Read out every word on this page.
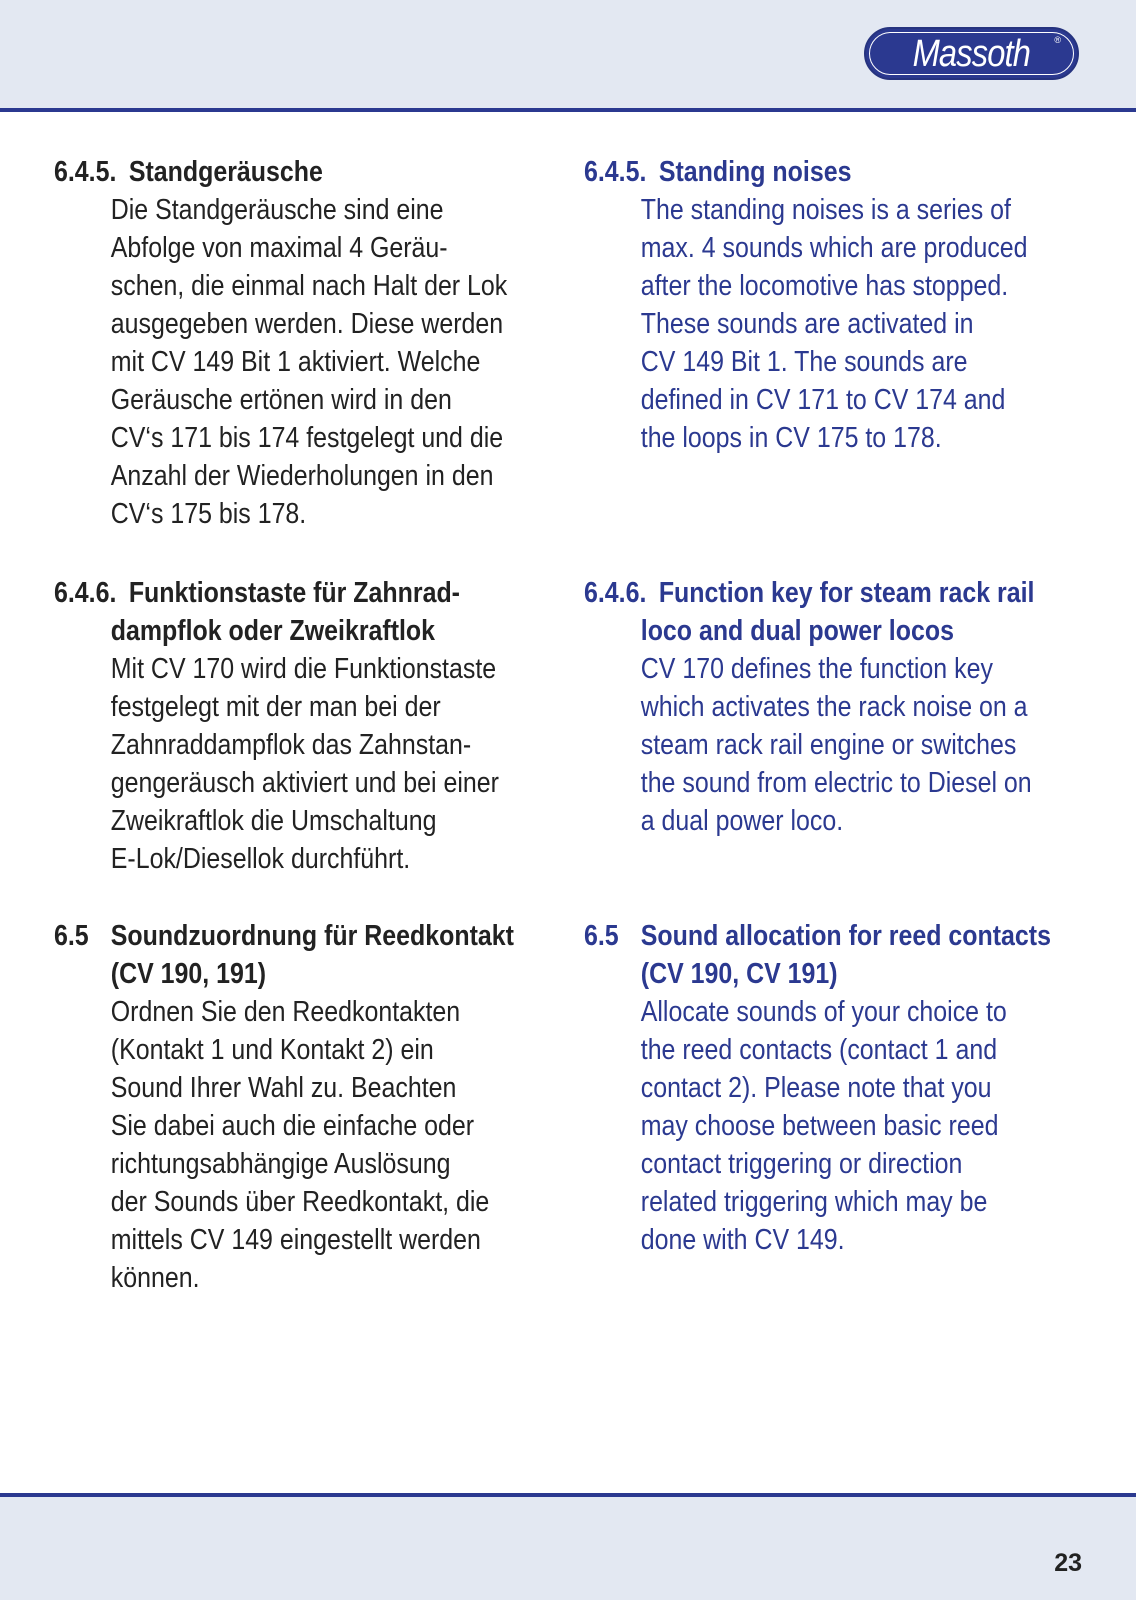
Massoth	®
6.4.5. Standgeräusche
Die Standgeräusche sind eine
Abfolge von maximal 4 Geräu-
schen, die einmal nach Halt der Lok
ausgegeben werden. Diese werden
mit CV 149 Bit 1 aktiviert. Welche
Geräusche ertönen wird in den
CV‘s 171 bis 174 festgelegt und die
Anzahl der Wiederholungen in den
CV‘s 175 bis 178.
6.4.6. Funktionstaste für Zahnrad-
dampflok oder Zweikraftlok
Mit CV 170 wird die Funktionstaste
festgelegt mit der man bei der
Zahnraddampflok das Zahnstan-
gengeräusch aktiviert und bei einer
Zweikraftlok die Umschaltung
E-Lok/Diesellok durchführt.
6.5 Soundzuordnung für Reedkontakt
(CV 190, 191)
Ordnen Sie den Reedkontakten
(Kontakt 1 und Kontakt 2) ein
Sound Ihrer Wahl zu. Beachten
Sie dabei auch die einfache oder
richtungsabhängige Auslösung
der Sounds über Reedkontakt, die
mittels CV 149 eingestellt werden
können.
6.4.5. Standing noises
The standing noises is a series of
max. 4 sounds which are produced
after the locomotive has stopped.
These sounds are activated in
CV 149 Bit 1. The sounds are
defined in CV 171 to CV 174 and
the loops in CV 175 to 178.
6.4.6. Function key for steam rack rail
loco and dual power locos
CV 170 defines the function key
which activates the rack noise on a
steam rack rail engine or switches
the sound from electric to Diesel on
a dual power loco.
6.5 Sound allocation for reed contacts
(CV 190, CV 191)
Allocate sounds of your choice to
the reed contacts (contact 1 and
contact 2). Please note that you
may choose between basic reed
contact triggering or direction
related triggering which may be
done with CV 149.
23
